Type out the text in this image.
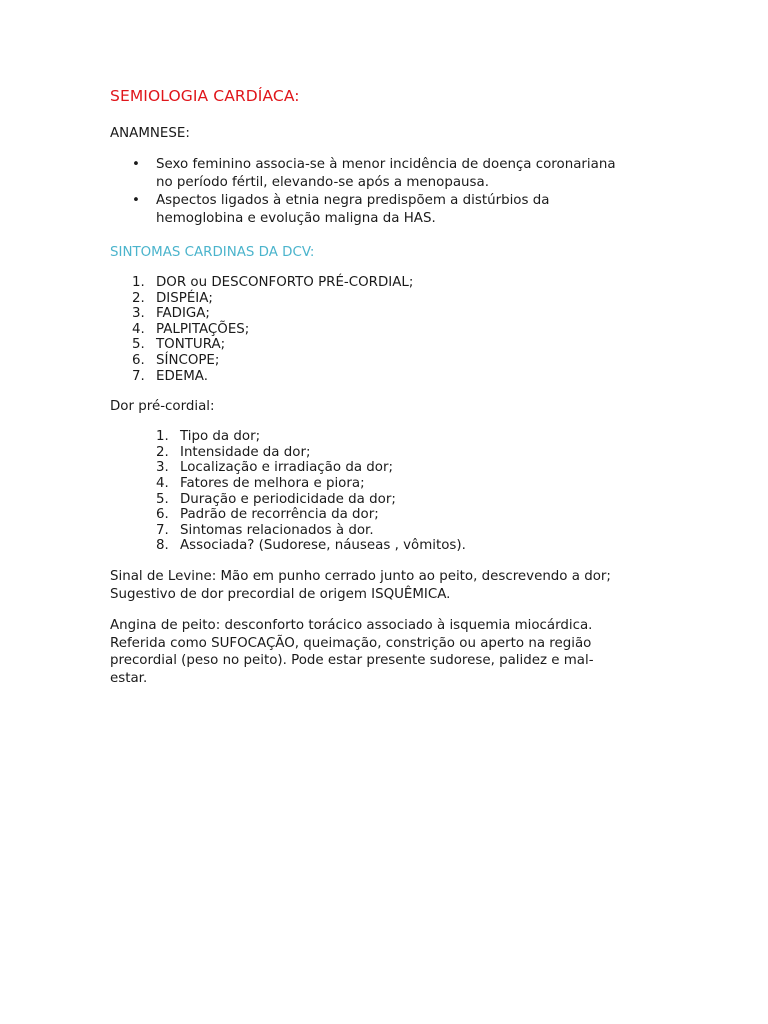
SEMIOLOGIA CARDÍACA:
ANAMNESE:
• Sexo feminino associa-se à menor incidência de doença coronariana
no período fértil, elevando-se após a menopausa.
• Aspectos ligados à etnia negra predispõem a distúrbios da
hemoglobina e evolução maligna da HAS.
SINTOMAS CARDINAS DA DCV:
1. DOR ou DESCONFORTO PRÉ-CORDIAL;
2. DISPÉIA;
3. FADIGA;
4. PALPITAÇÕES;
5. TONTURA;
6. SÍNCOPE;
7. EDEMA.
Dor pré-cordial:
1. Tipo da dor;
2. Intensidade da dor;
3. Localização e irradiação da dor;
4. Fatores de melhora e piora;
5. Duração e periodicidade da dor;
6. Padrão de recorrência da dor;
7. Sintomas relacionados à dor.
8. Associada? (Sudorese, náuseas , vômitos).
Sinal de Levine: Mão em punho cerrado junto ao peito, descrevendo a dor;
Sugestivo de dor precordial de origem ISQUÊMICA.
Angina de peito: desconforto torácico associado à isquemia miocárdica.
Referida como SUFOCAÇÃO, queimação, constrição ou aperto na região
precordial (peso no peito). Pode estar presente sudorese, palidez e mal-
estar.
